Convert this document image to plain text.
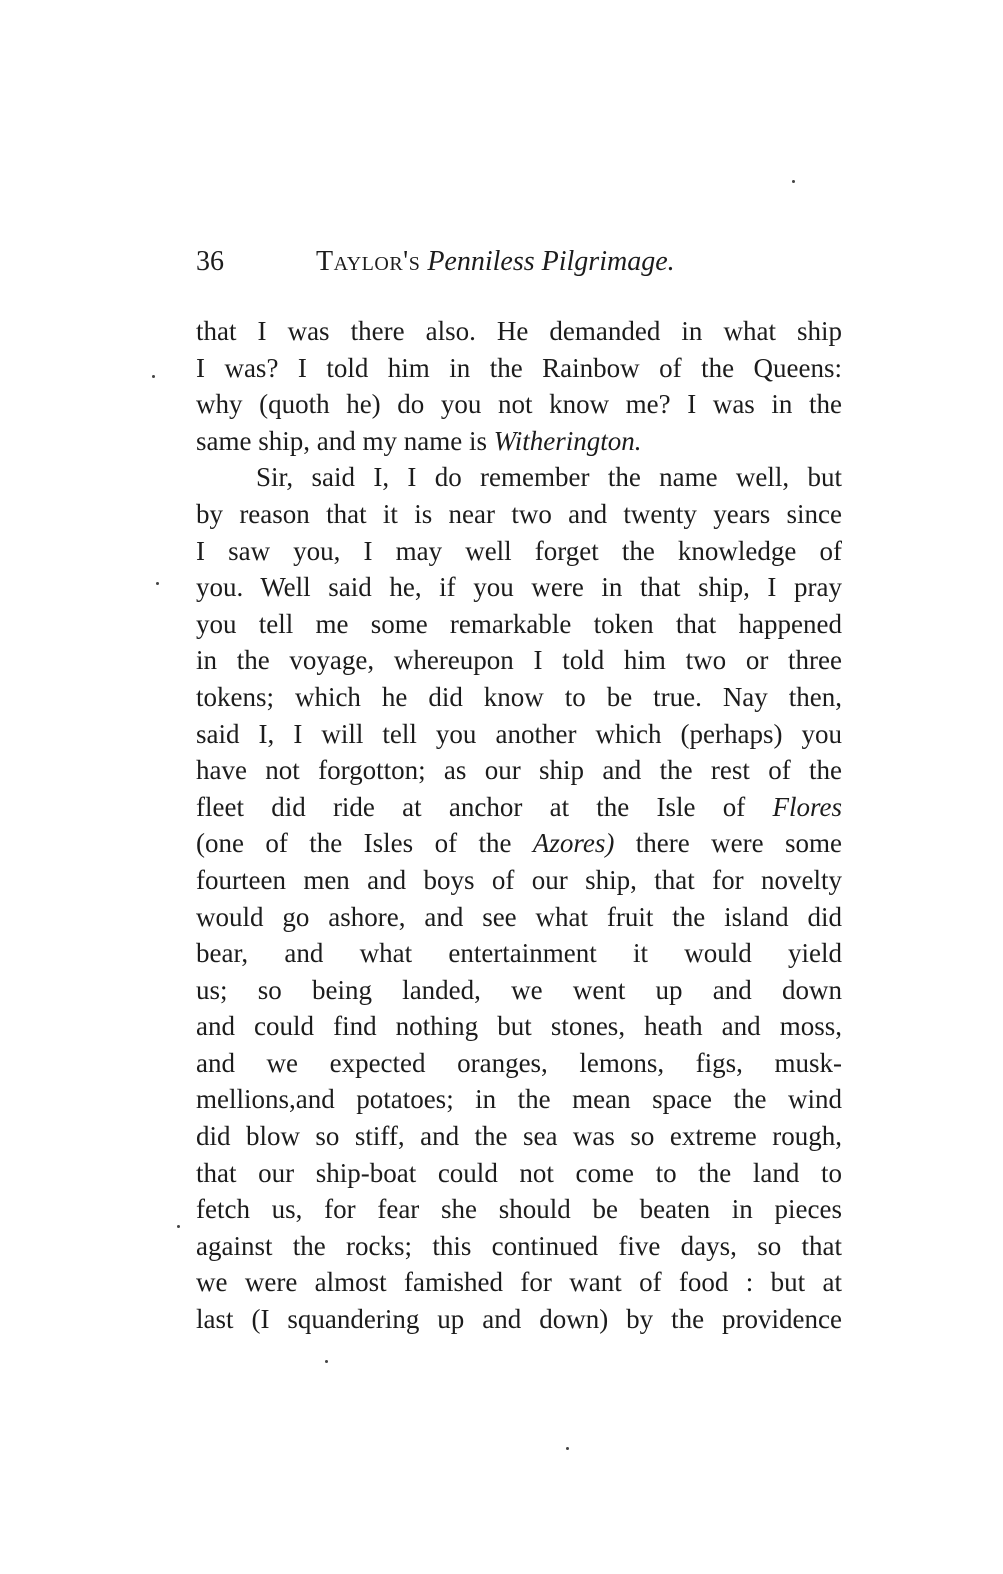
36	Taylor's Penniless Pilgrimage.
that I was there also. He demanded in what ship
I was? I told him in the Rainbow of the Queens:
why (quoth he) do you not know me? I was in the
same ship, and my name is Witherington.
Sir, said I, I do remember the name well, but
by reason that it is near two and twenty years since
I saw you, I may well forget the knowledge of
you. Well said he, if you were in that ship, I pray
you tell me some remarkable token that happened
in the voyage, whereupon I told him two or three
tokens; which he did know to be true. Nay then,
said I, I will tell you another which (perhaps) you
have not forgotton; as our ship and the rest of the
fleet did ride at anchor at the Isle of Flores
(one of the Isles of the Azores) there were some
fourteen men and boys of our ship, that for novelty
would go ashore, and see what fruit the island did
bear, and what entertainment it would yield
us; so being landed, we went up and down
and could find nothing but stones, heath and moss,
and we expected oranges, lemons, figs, musk-
mellions,and potatoes; in the mean space the wind
did blow so stiff, and the sea was so extreme rough,
that our ship-boat could not come to the land to
fetch us, for fear she should be beaten in pieces
against the rocks; this continued five days, so that
we were almost famished for want of food : but at
last (I squandering up and down) by the providence
